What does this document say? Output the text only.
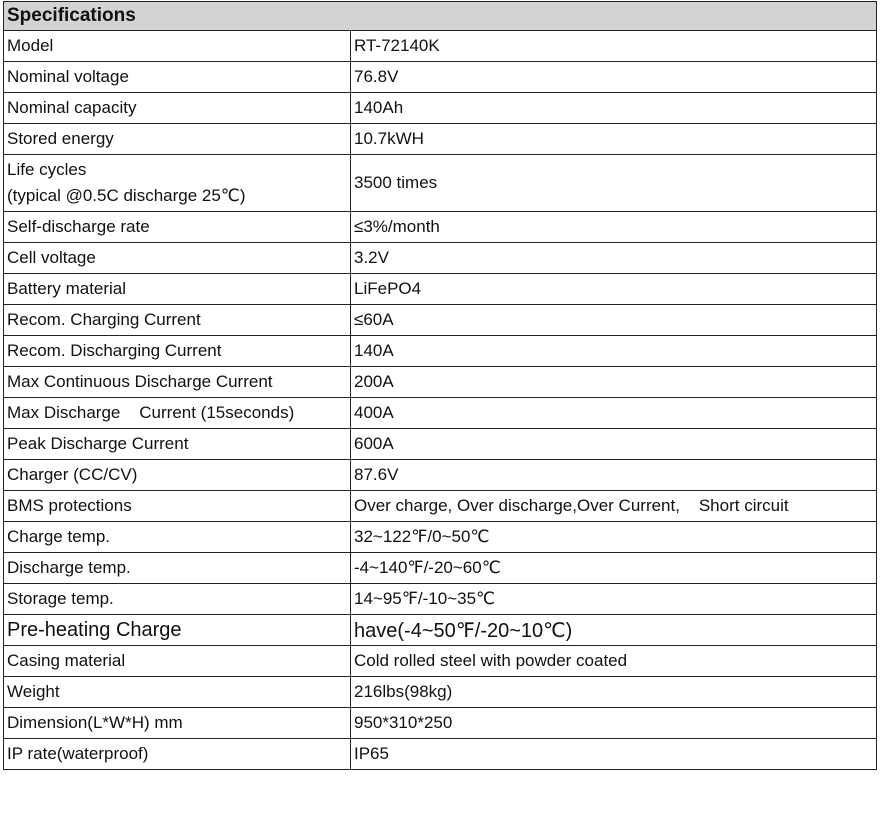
Specifications	
Model	RT-72140K
Nominal voltage	76.8V
Nominal capacity	140Ah
Stored energy	10.7kWH

Life cycles
(typical @0.5C discharge 25℃)	3500 times
Self-discharge rate	≤3%/month
Cell voltage	3.2V
Battery material	LiFePO4
Recom. Charging Current	≤60A
Recom. Discharging Current	140A
Max Continuous Discharge Current	200A
Max Discharge    Current (15seconds)	400A
Peak Discharge Current	600A
Charger (CC/CV)	87.6V
BMS protections	Over charge, Over discharge,Over Current,    Short circuit
Charge temp.	32~122℉/0~50℃
Discharge temp.	-4~140℉/-20~60℃
Storage temp.	14~95℉/-10~35℃
Pre-heating Charge	have(-4~50℉/-20~10℃)
Casing material	Cold rolled steel with powder coated
Weight	216lbs(98kg)
Dimension(L*W*H) mm	950*310*250
IP rate(waterproof)	IP65
